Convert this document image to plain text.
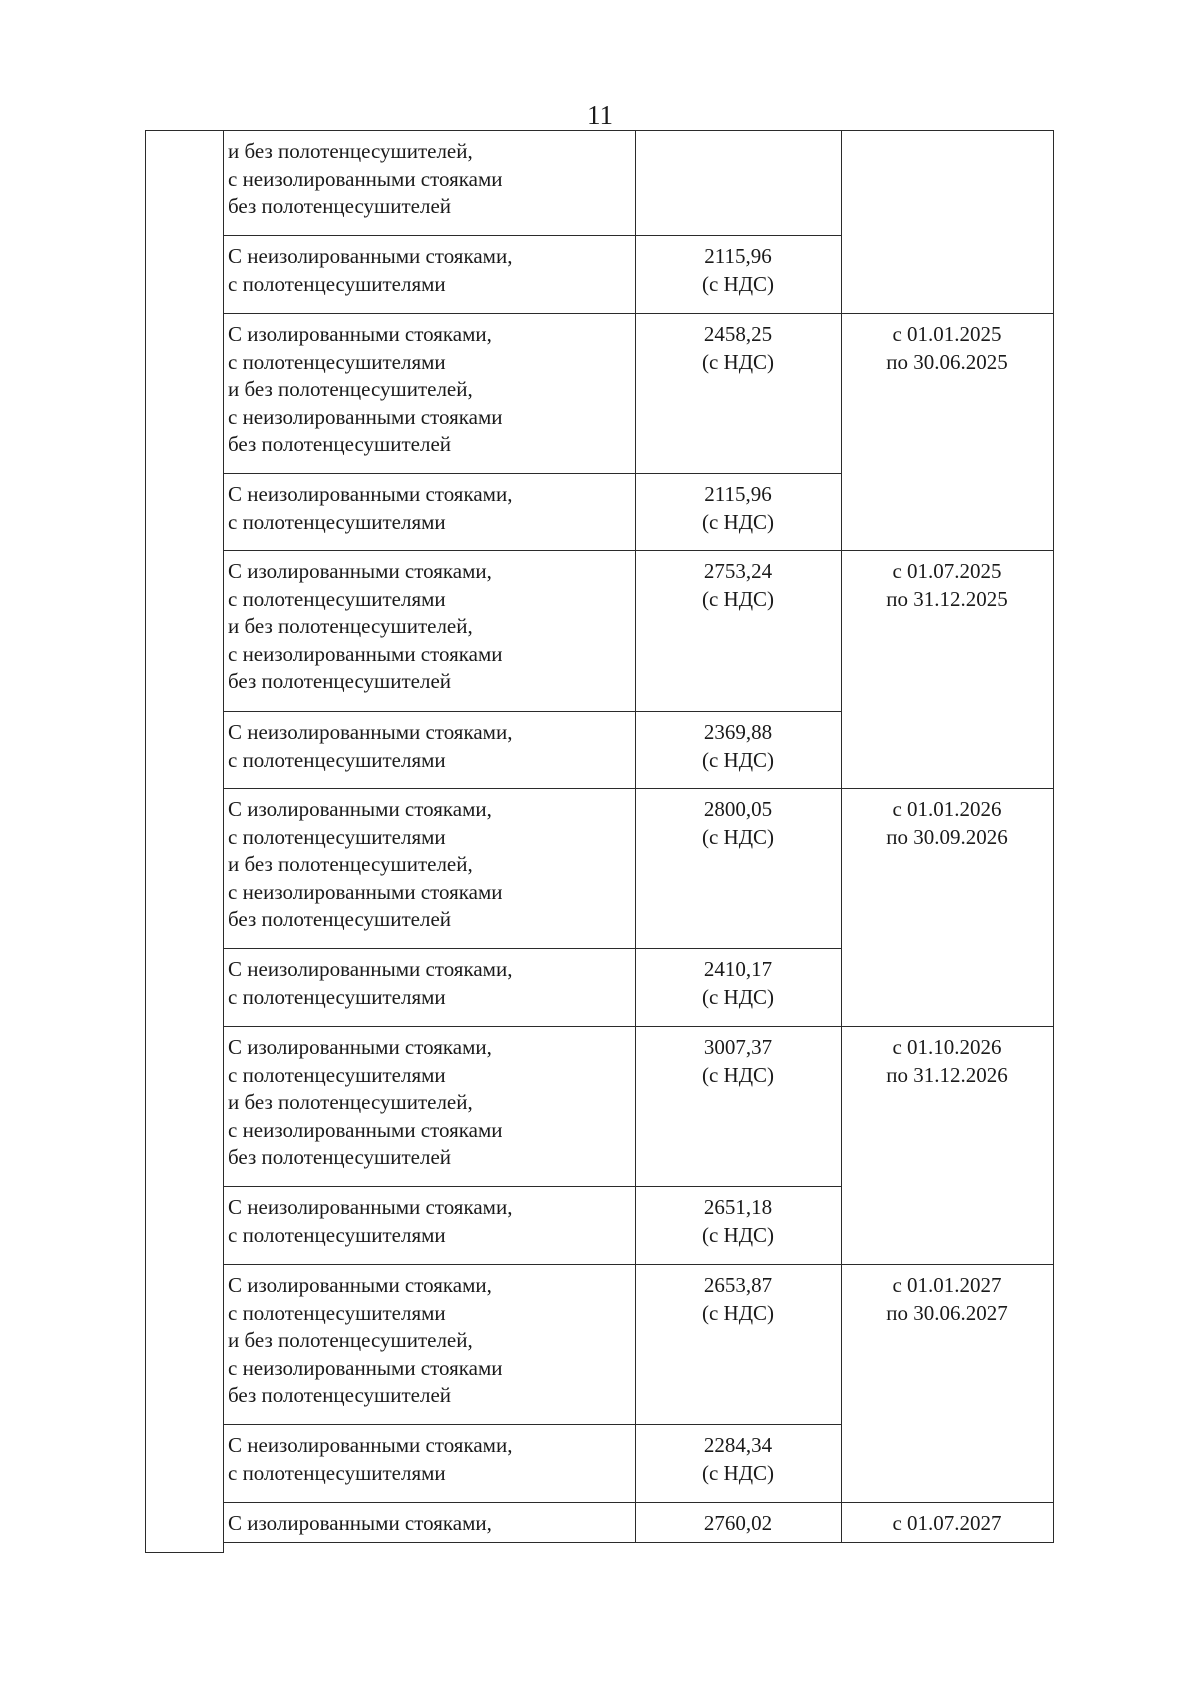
11
и без полотенцесушителей,
с неизолированными стояками
без полотенцесушителей
С неизолированными стояками,
с полотенцесушителями
2115,96
(с НДС)
С изолированными стояками,
с полотенцесушителями
и без полотенцесушителей,
с неизолированными стояками
без полотенцесушителей
2458,25
(с НДС)
С неизолированными стояками,
с полотенцесушителями
2115,96
(с НДС)
С изолированными стояками,
с полотенцесушителями
и без полотенцесушителей,
с неизолированными стояками
без полотенцесушителей
2753,24
(с НДС)
С неизолированными стояками,
с полотенцесушителями
2369,88
(с НДС)
С изолированными стояками,
с полотенцесушителями
и без полотенцесушителей,
с неизолированными стояками
без полотенцесушителей
2800,05
(с НДС)
С неизолированными стояками,
с полотенцесушителями
2410,17
(с НДС)
С изолированными стояками,
с полотенцесушителями
и без полотенцесушителей,
с неизолированными стояками
без полотенцесушителей
3007,37
(с НДС)
С неизолированными стояками,
с полотенцесушителями
2651,18
(с НДС)
С изолированными стояками,
с полотенцесушителями
и без полотенцесушителей,
с неизолированными стояками
без полотенцесушителей
2653,87
(с НДС)
С неизолированными стояками,
с полотенцесушителями
2284,34
(с НДС)
С изолированными стояками,	2760,02
с 01.01.2025
по 30.06.2025
с 01.07.2025
по 31.12.2025
с 01.01.2026
по 30.09.2026
с 01.10.2026
по 31.12.2026
с 01.01.2027
по 30.06.2027
с 01.07.2027
